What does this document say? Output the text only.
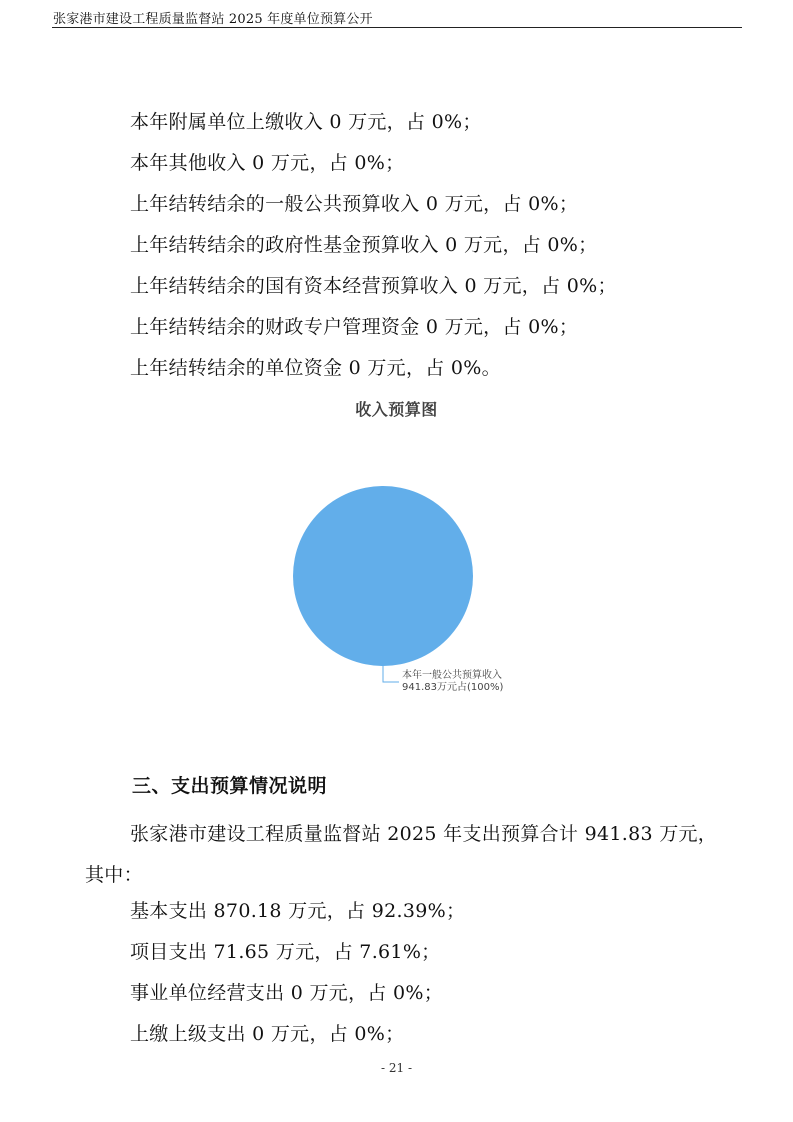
张家港市建设工程质量监督站 2025 年度单位预算公开
本年附属单位上缴收入 0 万元，占 0%；
本年其他收入 0 万元，占 0%；
上年结转结余的一般公共预算收入 0 万元，占 0%；
上年结转结余的政府性基金预算收入 0 万元，占 0%；
上年结转结余的国有资本经营预算收入 0 万元，占 0%；
上年结转结余的财政专户管理资金 0 万元，占 0%；
上年结转结余的单位资金 0 万元，占 0%。
收入预算图
本年一般公共预算收入
941.83万元占(100%)
三、支出预算情况说明
张家港市建设工程质量监督站 2025 年支出预算合计 941.83 万元，其中：
基本支出 870.18 万元，占 92.39%；
项目支出 71.65 万元，占 7.61%；
事业单位经营支出 0 万元，占 0%；
上缴上级支出 0 万元，占 0%；
- 21 -
